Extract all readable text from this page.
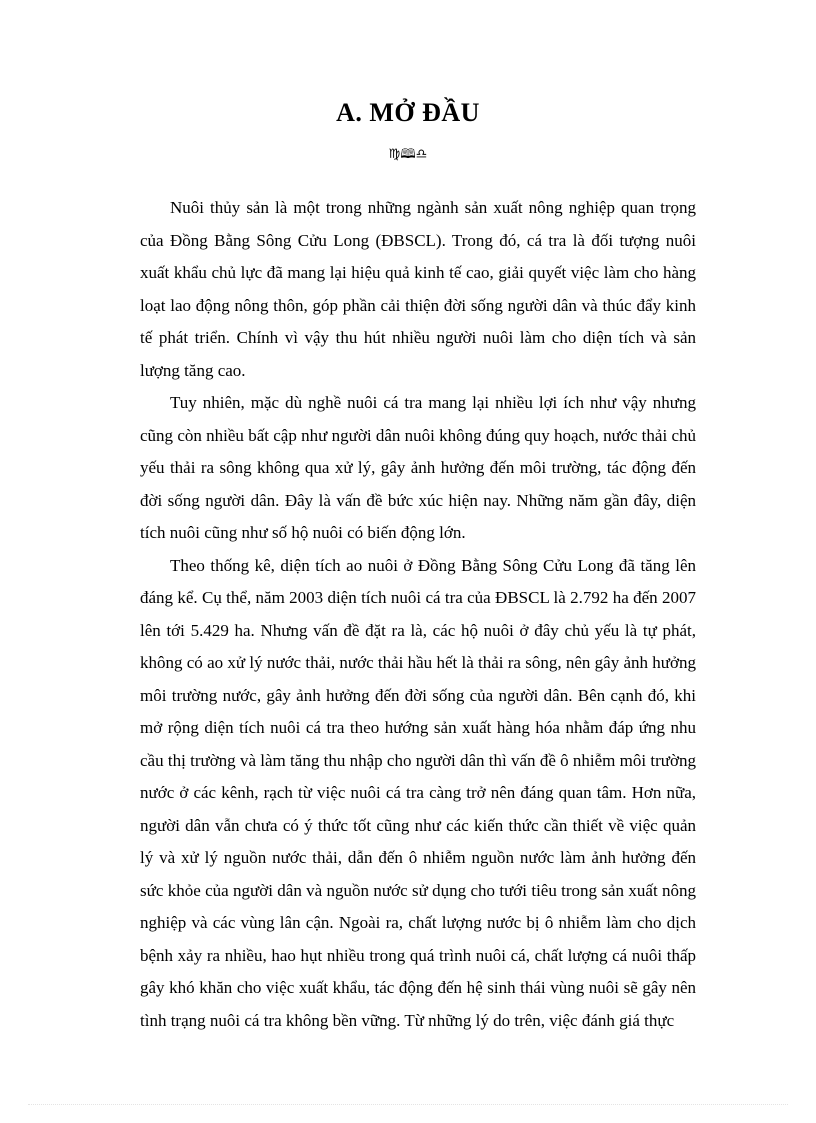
A. MỞ ĐẦU
♍🕮♎

Nuôi thủy sản là một trong những ngành sản xuất nông nghiệp quan trọng của Đồng Bằng Sông Cửu Long (ĐBSCL). Trong đó, cá tra là đối tượng nuôi xuất khẩu chủ lực đã mang lại hiệu quả kinh tế cao, giải quyết việc làm cho hàng loạt lao động nông thôn, góp phần cải thiện đời sống người dân và thúc đẩy kinh tế phát triển. Chính vì vậy thu hút nhiều người nuôi làm cho diện tích và sản lượng tăng cao.

Tuy nhiên, mặc dù nghề nuôi cá tra mang lại nhiều lợi ích như vậy nhưng cũng còn nhiều bất cập như người dân nuôi không đúng quy hoạch, nước thải chủ yếu thải ra sông không qua xử lý, gây ảnh hưởng đến môi trường, tác động đến đời sống người dân. Đây là vấn đề bức xúc hiện nay. Những năm gần đây, diện tích nuôi cũng như số hộ nuôi có biến động lớn.

Theo thống kê, diện tích ao nuôi ở Đồng Bằng Sông Cửu Long đã tăng lên đáng kể. Cụ thể, năm 2003 diện tích nuôi cá tra của ĐBSCL là 2.792 ha đến 2007 lên tới 5.429 ha. Nhưng vấn đề đặt ra là, các hộ nuôi ở đây chủ yếu là tự phát, không có ao xử lý nước thải, nước thải hầu hết là thải ra sông, nên gây ảnh hưởng môi trường nước, gây ảnh hưởng đến đời sống của người dân. Bên cạnh đó, khi mở rộng diện tích nuôi cá tra theo hướng sản xuất hàng hóa nhằm đáp ứng nhu cầu thị trường và làm tăng thu nhập cho người dân thì vấn đề ô nhiễm môi trường nước ở các kênh, rạch từ việc nuôi cá tra càng trở nên đáng quan tâm. Hơn nữa, người dân vẫn chưa có ý thức tốt cũng như các kiến thức cần thiết về việc quản lý và xử lý nguồn nước thải, dẫn đến ô nhiễm nguồn nước làm ảnh hưởng đến sức khỏe của người dân và nguồn nước sử dụng cho tưới tiêu trong sản xuất nông nghiệp và các vùng lân cận. Ngoài ra, chất lượng nước bị ô nhiễm làm cho dịch bệnh xảy ra nhiều, hao hụt nhiều trong quá trình nuôi cá, chất lượng cá nuôi thấp gây khó khăn cho việc xuất khẩu, tác động đến hệ sinh thái vùng nuôi sẽ gây nên tình trạng nuôi cá tra không bền vững. Từ những lý do trên, việc đánh giá thực
